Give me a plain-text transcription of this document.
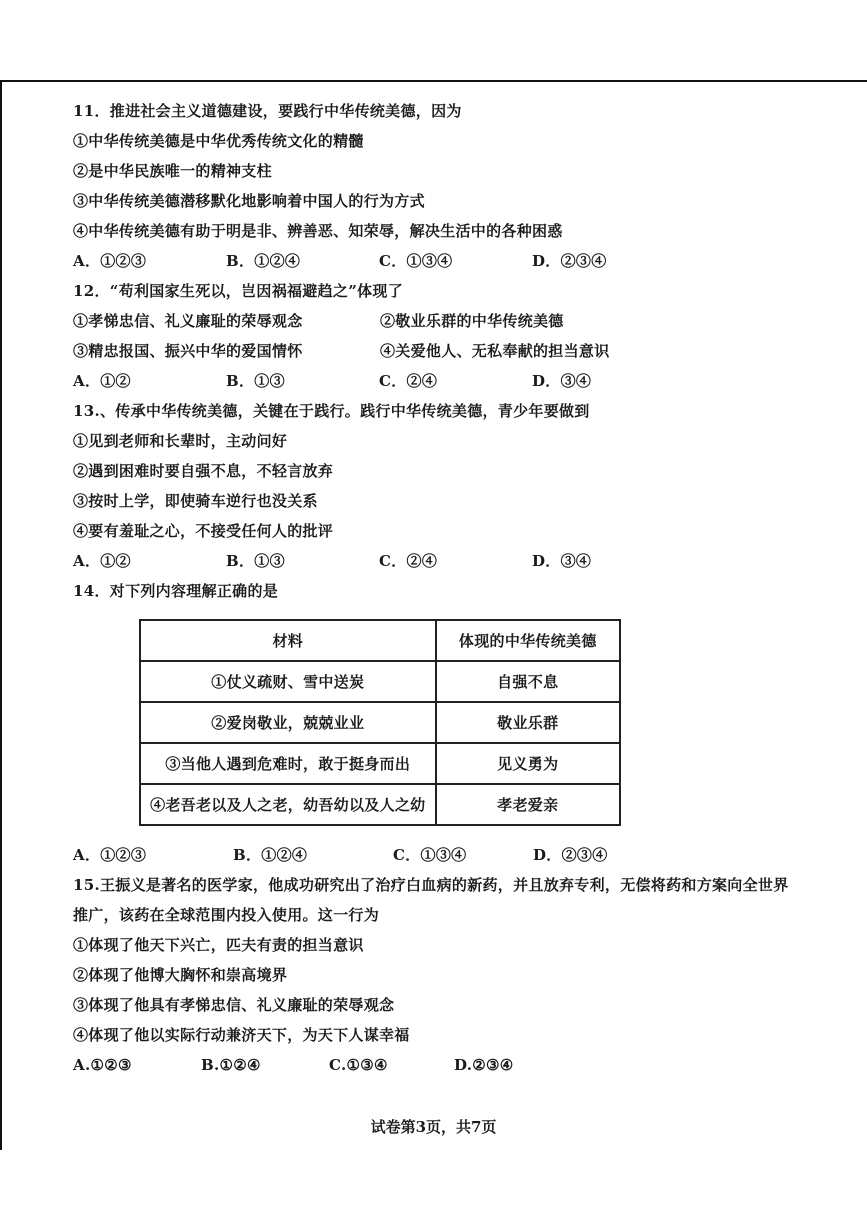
11．推进社会主义道德建设，要践行中华传统美德，因为
①中华传统美德是中华优秀传统文化的精髓
②是中华民族唯一的精神支柱
③中华传统美德潜移默化地影响着中国人的行为方式
④中华传统美德有助于明是非、辨善恶、知荣辱，解决生活中的各种困惑
A．①②③	B．①②④	C．①③④	D．②③④
12．“苟利国家生死以，岂因祸福避趋之”体现了
①孝悌忠信、礼义廉耻的荣辱观念	②敬业乐群的中华传统美德
③精忠报国、振兴中华的爱国情怀	④关爱他人、无私奉献的担当意识
A．①②	B．①③	C．②④	D．③④
13.、传承中华传统美德，关键在于践行。践行中华传统美德，青少年要做到
①见到老师和长辈时，主动问好
②遇到困难时要自强不息，不轻言放弃
③按时上学，即使骑车逆行也没关系
④要有羞耻之心，不接受任何人的批评
A．①②	B．①③	C．②④	D．③④
14．对下列内容理解正确的是
材料	体现的中华传统美德
①仗义疏财、雪中送炭	自强不息
②爱岗敬业，兢兢业业	敬业乐群
③当他人遇到危难时，敢于挺身而出	见义勇为
④老吾老以及人之老，幼吾幼以及人之幼	孝老爱亲
A．①②③	B．①②④	C．①③④	D．②③④
15.王振义是著名的医学家，他成功研究出了治疗白血病的新药，并且放弃专利，无偿将药和方案向全世界
推广，该药在全球范围内投入使用。这一行为
①体现了他天下兴亡，匹夫有责的担当意识
②体现了他博大胸怀和崇高境界
③体现了他具有孝悌忠信、礼义廉耻的荣辱观念
④体现了他以实际行动兼济天下，为天下人谋幸福
A.①②③	B.①②④	C.①③④	D.②③④
试卷第3页，共7页
